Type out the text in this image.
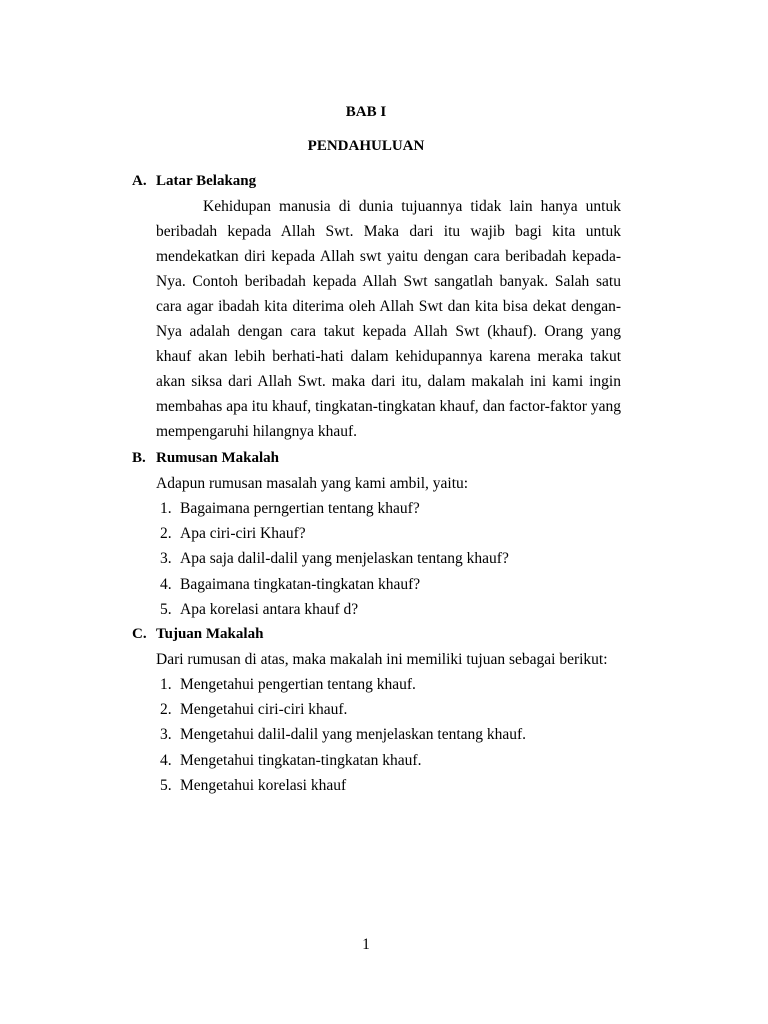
BAB I
PENDAHULUAN
A. Latar Belakang

Kehidupan manusia di dunia tujuannya tidak lain hanya untuk beribadah kepada Allah Swt. Maka dari itu wajib bagi kita untuk mendekatkan diri kepada Allah swt yaitu dengan cara beribadah kepada-Nya. Contoh beribadah kepada Allah Swt sangatlah banyak. Salah satu cara agar ibadah kita diterima oleh Allah Swt dan kita bisa dekat dengan-Nya adalah dengan cara takut kepada Allah Swt (khauf). Orang yang khauf akan lebih berhati-hati dalam kehidupannya karena meraka takut akan siksa dari Allah Swt. maka dari itu, dalam makalah ini kami ingin membahas apa itu khauf, tingkatan-tingkatan khauf, dan factor-faktor yang mempengaruhi hilangnya khauf.

B. Rumusan Makalah
Adapun rumusan masalah yang kami ambil, yaitu:
1. Bagaimana perngertian tentang khauf?
2. Apa ciri-ciri Khauf?
3. Apa saja dalil-dalil yang menjelaskan tentang khauf?
4. Bagaimana tingkatan-tingkatan khauf?
5. Apa korelasi antara khauf d?
C. Tujuan Makalah
Dari rumusan di atas, maka makalah ini memiliki tujuan sebagai berikut:
1. Mengetahui pengertian tentang khauf.
2. Mengetahui ciri-ciri khauf.
3. Mengetahui dalil-dalil yang menjelaskan tentang khauf.
4. Mengetahui tingkatan-tingkatan khauf.
5. Mengetahui korelasi khauf
1
